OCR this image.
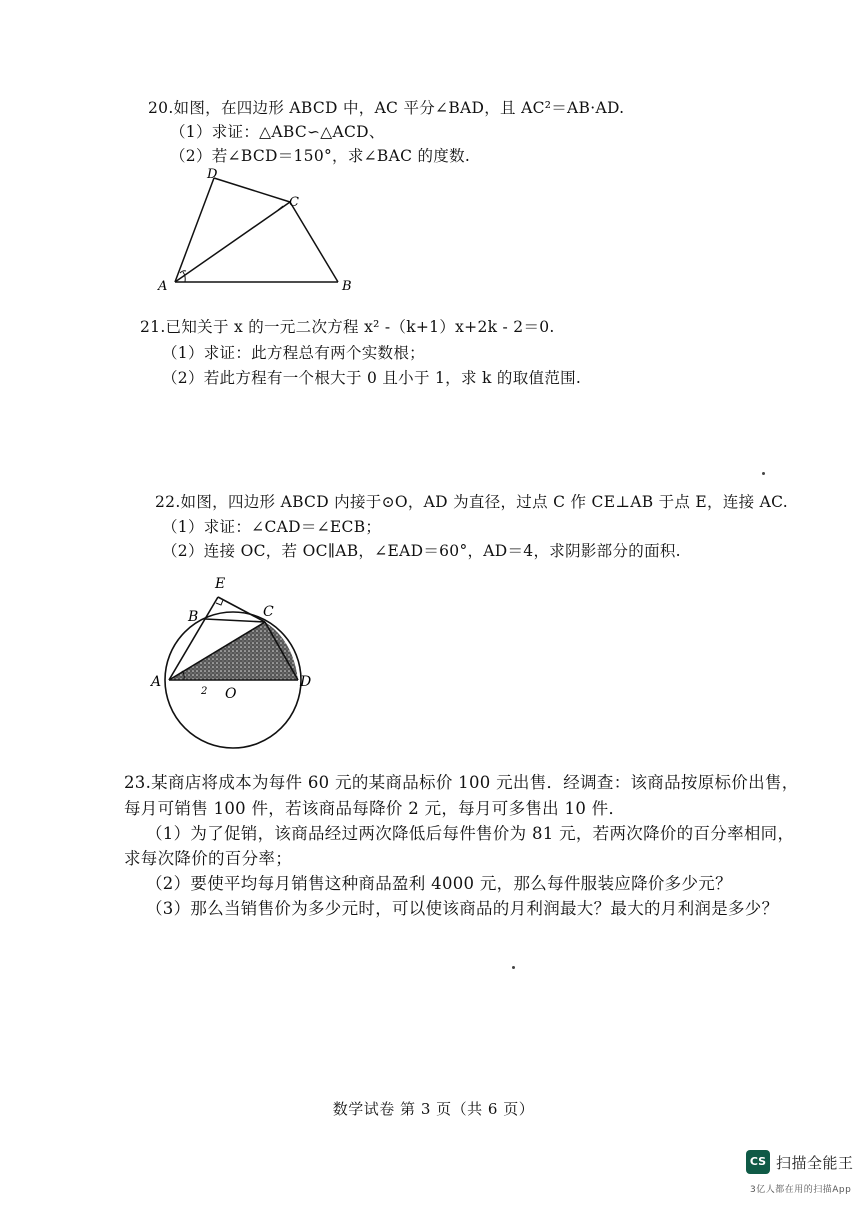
20.如图，在四边形 ABCD 中，AC 平分∠BAD，且 AC²＝AB·AD.
（1）求证：△ABC∽△ACD、
（2）若∠BCD＝150°，求∠BAC 的度数.
A	B
C
D
21.已知关于 x 的一元二次方程 x² -（k+1）x+2k - 2＝0.
（1）求证：此方程总有两个实数根；
（2）若此方程有一个根大于 0 且小于 1，求 k 的取值范围.
22.如图，四边形 ABCD 内接于⊙O，AD 为直径，过点 C 作 CE⊥AB 于点 E，连接 AC.
（1）求证：∠CAD＝∠ECB；
（2）连接 OC，若 OC∥AB，∠EAD＝60°，AD＝4，求阴影部分的面积.
E
B	C
A
O
D
2
23.某商店将成本为每件 60 元的某商品标价 100 元出售．经调查：该商品按原标价出售，
每月可销售 100 件，若该商品每降价 2 元，每月可多售出 10 件．
（1）为了促销，该商品经过两次降低后每件售价为 81 元，若两次降价的百分率相同，
求每次降价的百分率；
（2）要使平均每月销售这种商品盈利 4000 元，那么每件服装应降价多少元？
（3）那么当销售价为多少元时，可以使该商品的月利润最大？最大的月利润是多少？
数学试卷 第 3 页（共 6 页）
CS 扫描全能王
3亿人都在用的扫描App
